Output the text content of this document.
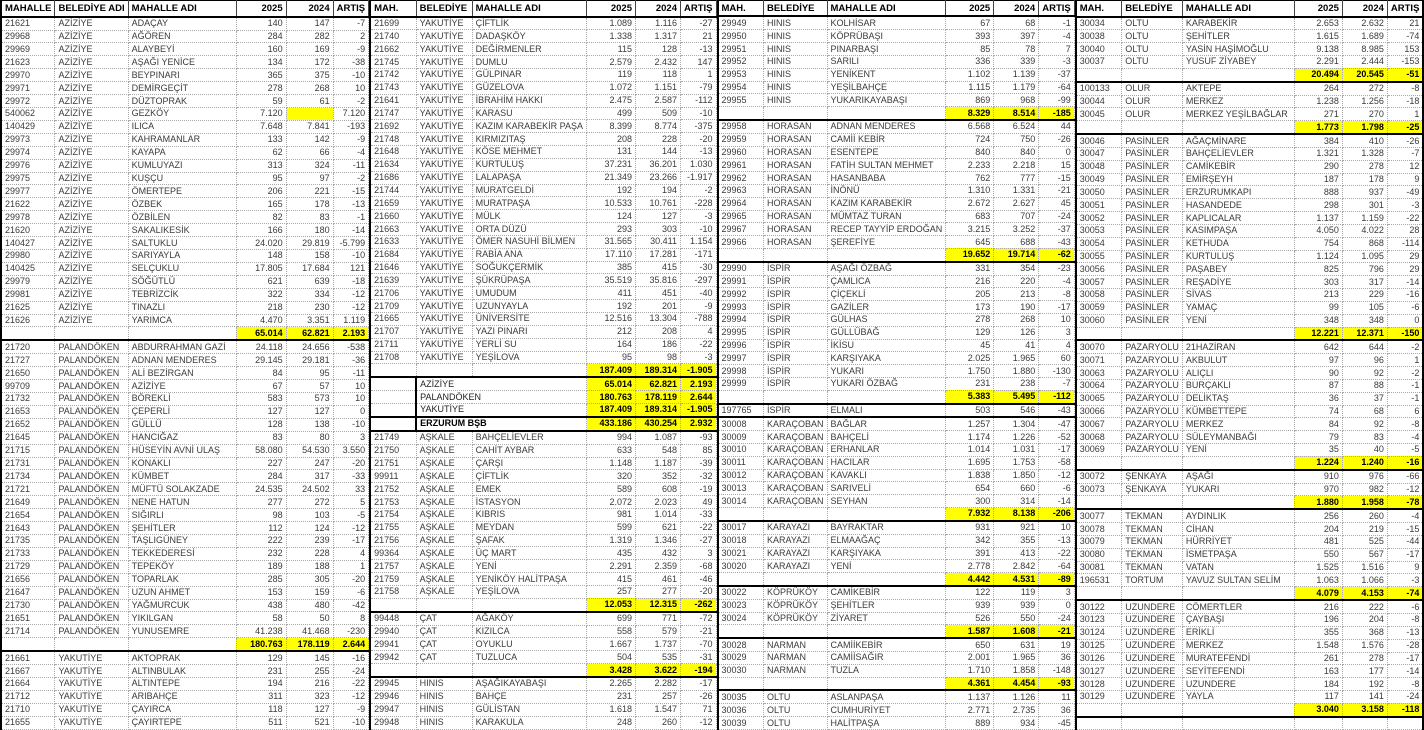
MAHALLE	BELEDİYE ADI	MAHALLE ADI	2025	2024	ARTIŞ
21621	AZİZİYE	ADAÇAY	140	147	-7
29968	AZİZİYE	AĞÖREN	284	282	2
29969	AZİZİYE	ALAYBEYİ	160	169	-9
21623	AZİZİYE	AŞAĞI YENİCE	134	172	-38
29970	AZİZİYE	BEYPINARI	365	375	-10
29971	AZİZİYE	DEMİRGEÇİT	278	268	10
29972	AZİZİYE	DÜZTOPRAK	59	61	-2
540062	AZİZİYE	GEZKÖY	7.120		7.120
140429	AZİZİYE	ILICA	7.648	7.841	-193
29973	AZİZİYE	KAHRAMANLAR	133	142	-9
29974	AZİZİYE	KAYAPA	62	66	-4
29976	AZİZİYE	KUMLUYAZI	313	324	-11
29975	AZİZİYE	KUŞÇU	95	97	-2
29977	AZİZİYE	ÖMERTEPE	206	221	-15
21622	AZİZİYE	ÖZBEK	165	178	-13
29978	AZİZİYE	ÖZBİLEN	82	83	-1
21620	AZİZİYE	SAKALIKESİK	166	180	-14
140427	AZİZİYE	SALTUKLU	24.020	29.819	-5.799
29980	AZİZİYE	SARIYAYLA	148	158	-10
140425	AZİZİYE	SELÇUKLU	17.805	17.684	121
29979	AZİZİYE	SÖĞÜTLÜ	621	639	-18
29981	AZİZİYE	TEBRİZCİK	322	334	-12
21625	AZİZİYE	TINAZLI	218	230	-12
21626	AZİZİYE	YARIMCA	4.470	3.351	1.119
			65.014	62.821	2.193
21720	PALANDÖKEN	ABDURRAHMAN GAZİ	24.118	24.656	-538
21727	PALANDÖKEN	ADNAN MENDERES	29.145	29.181	-36
21650	PALANDÖKEN	ALİ BEZİRGAN	84	95	-11
99709	PALANDÖKEN	AZİZİYE	67	57	10
21732	PALANDÖKEN	BÖREKLİ	583	573	10
21653	PALANDÖKEN	ÇEPERLİ	127	127	0
21652	PALANDÖKEN	GÜLLÜ	128	138	-10
21645	PALANDÖKEN	HANCIĞAZ	83	80	3
21715	PALANDÖKEN	HÜSEYİN AVNİ ULAŞ	58.080	54.530	3.550
21731	PALANDÖKEN	KONAKLI	227	247	-20
21734	PALANDÖKEN	KÜMBET	284	317	-33
21721	PALANDÖKEN	MÜFTÜ SOLAKZADE	24.535	24.502	33
21649	PALANDÖKEN	NENE HATUN	277	272	5
21654	PALANDÖKEN	SIĞIRLI	98	103	-5
21643	PALANDÖKEN	ŞEHİTLER	112	124	-12
21735	PALANDÖKEN	TAŞLIGÜNEY	222	239	-17
21733	PALANDÖKEN	TEKKEDERESİ	232	228	4
21729	PALANDÖKEN	TEPEKÖY	189	188	1
21656	PALANDÖKEN	TOPARLAK	285	305	-20
21647	PALANDÖKEN	UZUN AHMET	153	159	-6
21730	PALANDÖKEN	YAĞMURCUK	438	480	-42
21651	PALANDÖKEN	YIKILGAN	58	50	8
21714	PALANDÖKEN	YUNUSEMRE	41.238	41.468	-230
			180.763	178.119	2.644
21661	YAKUTİYE	AKTOPRAK	129	145	-16
21667	YAKUTİYE	ALTINBULAK	231	255	-24
21664	YAKUTİYE	ALTINTEPE	194	216	-22
21712	YAKUTİYE	ARIBAHÇE	311	323	-12
21710	YAKUTİYE	ÇAYIRCA	118	127	-9
21655	YAKUTİYE	ÇAYIRTEPE	511	521	-10
MAH.	BELEDİYE	MAHALLE ADI	2025	2024	ARTIŞ
21699	YAKUTİYE	ÇİFTLİK	1.089	1.116	-27
21740	YAKUTİYE	DADAŞKÖY	1.338	1.317	21
21662	YAKUTİYE	DEĞİRMENLER	115	128	-13
21745	YAKUTİYE	DUMLU	2.579	2.432	147
21742	YAKUTİYE	GÜLPINAR	119	118	1
21743	YAKUTİYE	GÜZELOVA	1.072	1.151	-79
21641	YAKUTİYE	İBRAHİM HAKKI	2.475	2.587	-112
21747	YAKUTİYE	KARASU	499	509	-10
21692	YAKUTİYE	KAZIM KARABEKİR PAŞA	8.399	8.774	-375
21748	YAKUTİYE	KIRMIZITAŞ	208	228	-20
21648	YAKUTİYE	KÖSE MEHMET	131	144	-13
21634	YAKUTİYE	KURTULUŞ	37.231	36.201	1.030
21686	YAKUTİYE	LALAPAŞA	21.349	23.266	-1.917
21744	YAKUTİYE	MURATGELDİ	192	194	-2
21659	YAKUTİYE	MURATPAŞA	10.533	10.761	-228
21660	YAKUTİYE	MÜLK	124	127	-3
21663	YAKUTİYE	ORTA DÜZÜ	293	303	-10
21633	YAKUTİYE	ÖMER NASUHİ BİLMEN	31.565	30.411	1.154
21684	YAKUTİYE	RABİA ANA	17.110	17.281	-171
21646	YAKUTİYE	SOĞUKÇERMİK	385	415	-30
21639	YAKUTİYE	ŞÜKRÜPAŞA	35.519	35.816	-297
21706	YAKUTİYE	UMUDUM	411	451	-40
21709	YAKUTİYE	UZUNYAYLA	192	201	-9
21665	YAKUTİYE	ÜNİVERSİTE	12.516	13.304	-788
21707	YAKUTİYE	YAZI PINARI	212	208	4
21711	YAKUTİYE	YERLİ SU	164	186	-22
21708	YAKUTİYE	YEŞİLOVA	95	98	-3
			187.409	189.314	-1.905
	AZİZİYE		65.014	62.821	2.193
	PALANDÖKEN		180.763	178.119	2.644
	YAKUTİYE		187.409	189.314	-1.905
	ERZURUM BŞB		433.186	430.254	2.932
21749	AŞKALE	BAHÇELİEVLER	994	1.087	-93
21750	AŞKALE	CAHİT AYBAR	633	548	85
21751	AŞKALE	ÇARŞI	1.148	1.187	-39
99911	AŞKALE	ÇİFTLİK	320	352	-32
21752	AŞKALE	EMEK	589	608	-19
21753	AŞKALE	İSTASYON	2.072	2.023	49
21754	AŞKALE	KIBRIS	981	1.014	-33
21755	AŞKALE	MEYDAN	599	621	-22
21756	AŞKALE	ŞAFAK	1.319	1.346	-27
99364	AŞKALE	ÜÇ MART	435	432	3
21757	AŞKALE	YENİ	2.291	2.359	-68
21759	AŞKALE	YENİKÖY HALİTPAŞA	415	461	-46
21758	AŞKALE	YEŞİLOVA	257	277	-20
			12.053	12.315	-262
99448	ÇAT	AĞAKÖY	699	771	-72
29940	ÇAT	KIZILCA	558	579	-21
29941	ÇAT	OYUKLU	1.667	1.737	-70
29942	ÇAT	TUZLUCA	504	535	-31
			3.428	3.622	-194
29945	HINIS	AŞAĞIKAYABAŞI	2.265	2.282	-17
29946	HINIS	BAHÇE	231	257	-26
29947	HINIS	GÜLİSTAN	1.618	1.547	71
29948	HINIS	KARAKULA	248	260	-12
MAH.	BELEDİYE	MAHALLE ADI	2025	2024	ARTIŞ
29949	HINIS	KOLHİSAR	67	68	-1
29950	HINIS	KÖPRÜBAŞI	393	397	-4
29951	HINIS	PINARBAŞI	85	78	7
29952	HINIS	SARILI	336	339	-3
29953	HINIS	YENİKENT	1.102	1.139	-37
29954	HINIS	YEŞİLBAHÇE	1.115	1.179	-64
29955	HINIS	YUKARIKAYABAŞI	869	968	-99
			8.329	8.514	-185
29958	HORASAN	ADNAN MENDERES	6.568	6.524	44
29959	HORASAN	CAMİİ KEBİR	724	750	-26
29960	HORASAN	ESENTEPE	840	840	0
29961	HORASAN	FATİH SULTAN MEHMET	2.233	2.218	15
29962	HORASAN	HASANBABA	762	777	-15
29963	HORASAN	İNÖNÜ	1.310	1.331	-21
29964	HORASAN	KAZIM KARABEKİR	2.672	2.627	45
29965	HORASAN	MÜMTAZ TURAN	683	707	-24
29967	HORASAN	RECEP TAYYİP ERDOĞAN	3.215	3.252	-37
29966	HORASAN	ŞEREFİYE	645	688	-43
			19.652	19.714	-62
29990	İSPİR	AŞAĞI ÖZBAĞ	331	354	-23
29991	İSPİR	ÇAMLICA	216	220	-4
29992	İSPİR	ÇİÇEKLİ	205	213	-8
29993	İSPİR	GAZİLER	173	190	-17
29994	İSPİR	GÜLHAS	278	268	10
29995	İSPİR	GÜLLÜBAĞ	129	126	3
29996	İSPİR	İKİSU	45	41	4
29997	İSPİR	KARŞIYAKA	2.025	1.965	60
29998	İSPİR	YUKARI	1.750	1.880	-130
29999	İSPİR	YUKARI ÖZBAĞ	231	238	-7
			5.383	5.495	-112
197765	İSPİR	ELMALI	503	546	-43
30008	KARAÇOBAN	BAĞLAR	1.257	1.304	-47
30009	KARAÇOBAN	BAHÇELİ	1.174	1.226	-52
30010	KARAÇOBAN	ERHANLAR	1.014	1.031	-17
30011	KARAÇOBAN	HACILAR	1.695	1.753	-58
30012	KARAÇOBAN	KAVAKLI	1.838	1.850	-12
30013	KARAÇOBAN	SARIVELİ	654	660	-6
30014	KARAÇOBAN	SEYHAN	300	314	-14
			7.932	8.138	-206
30017	KARAYAZI	BAYRAKTAR	931	921	10
30018	KARAYAZI	ELMAAĞAÇ	342	355	-13
30021	KARAYAZI	KARŞIYAKA	391	413	-22
30020	KARAYAZI	YENİ	2.778	2.842	-64
			4.442	4.531	-89
30022	KÖPRÜKÖY	CAMİKEBİR	122	119	3
30023	KÖPRÜKÖY	ŞEHİTLER	939	939	0
30024	KÖPRÜKÖY	ZİYARET	526	550	-24
			1.587	1.608	-21
30028	NARMAN	CAMİİKEBİR	650	631	19
30029	NARMAN	CAMİİSAĞIR	2.001	1.965	36
30030	NARMAN	TUZLA	1.710	1.858	-148
			4.361	4.454	-93
30035	OLTU	ASLANPAŞA	1.137	1.126	11
30036	OLTU	CUMHURİYET	2.771	2.735	36
30039	OLTU	HALİTPAŞA	889	934	-45
MAH.	BELEDİYE	MAHALLE ADI	2025	2024	ARTIŞ
30034	OLTU	KARABEKİR	2.653	2.632	21
30038	OLTU	ŞEHİTLER	1.615	1.689	-74
30040	OLTU	YASİN HAŞİMOĞLU	9.138	8.985	153
30037	OLTU	YUSUF ZİYABEY	2.291	2.444	-153
			20.494	20.545	-51
100133	OLUR	AKTEPE	264	272	-8
30044	OLUR	MERKEZ	1.238	1.256	-18
30045	OLUR	MERKEZ YEŞİLBAĞLAR	271	270	1
			1.773	1.798	-25
30046	PASİNLER	AĞAÇMİNARE	384	410	-26
30047	PASİNLER	BAHÇELİEVLER	1.321	1.328	-7
30048	PASİNLER	CAMİKEBİR	290	278	12
30049	PASİNLER	EMİRŞEYH	187	178	9
30050	PASİNLER	ERZURUMKAPI	888	937	-49
30051	PASİNLER	HASANDEDE	298	301	-3
30052	PASİNLER	KAPLICALAR	1.137	1.159	-22
30053	PASİNLER	KASIMPAŞA	4.050	4.022	28
30054	PASİNLER	KETHUDA	754	868	-114
30055	PASİNLER	KURTULUŞ	1.124	1.095	29
30056	PASİNLER	PAŞABEY	825	796	29
30057	PASİNLER	REŞADİYE	303	317	-14
30058	PASİNLER	SİVAS	213	229	-16
30059	PASİNLER	YAMAÇ	99	105	-6
30060	PASİNLER	YENİ	348	348	0
			12.221	12.371	-150
30070	PAZARYOLU	21HAZİRAN	642	644	-2
30071	PAZARYOLU	AKBULUT	97	96	1
30063	PAZARYOLU	ALIÇLI	90	92	-2
30064	PAZARYOLU	BURÇAKLI	87	88	-1
30065	PAZARYOLU	DELİKTAŞ	36	37	-1
30066	PAZARYOLU	KÜMBETTEPE	74	68	6
30067	PAZARYOLU	MERKEZ	84	92	-8
30068	PAZARYOLU	SÜLEYMANBAĞI	79	83	-4
30069	PAZARYOLU	YENİ	35	40	-5
			1.224	1.240	-16
30072	ŞENKAYA	AŞAĞI	910	976	-66
30073	ŞENKAYA	YUKARI	970	982	-12
			1.880	1.958	-78
30077	TEKMAN	AYDINLIK	256	260	-4
30078	TEKMAN	CİHAN	204	219	-15
30079	TEKMAN	HÜRRİYET	481	525	-44
30080	TEKMAN	İSMETPAŞA	550	567	-17
30081	TEKMAN	VATAN	1.525	1.516	9
196531	TORTUM	YAVUZ SULTAN SELİM	1.063	1.066	-3
			4.079	4.153	-74
30122	UZUNDERE	CÖMERTLER	216	222	-6
30123	UZUNDERE	ÇAYBAŞI	196	204	-8
30124	UZUNDERE	ERİKLİ	355	368	-13
30125	UZUNDERE	MERKEZ	1.548	1.576	-28
30126	UZUNDERE	MURATEFENDİ	261	278	-17
30127	UZUNDERE	SEYİTEFENDİ	163	177	-14
30128	UZUNDERE	UZUNDERE	184	192	-8
30129	UZUNDERE	YAYLA	117	141	-24
			3.040	3.158	-118
